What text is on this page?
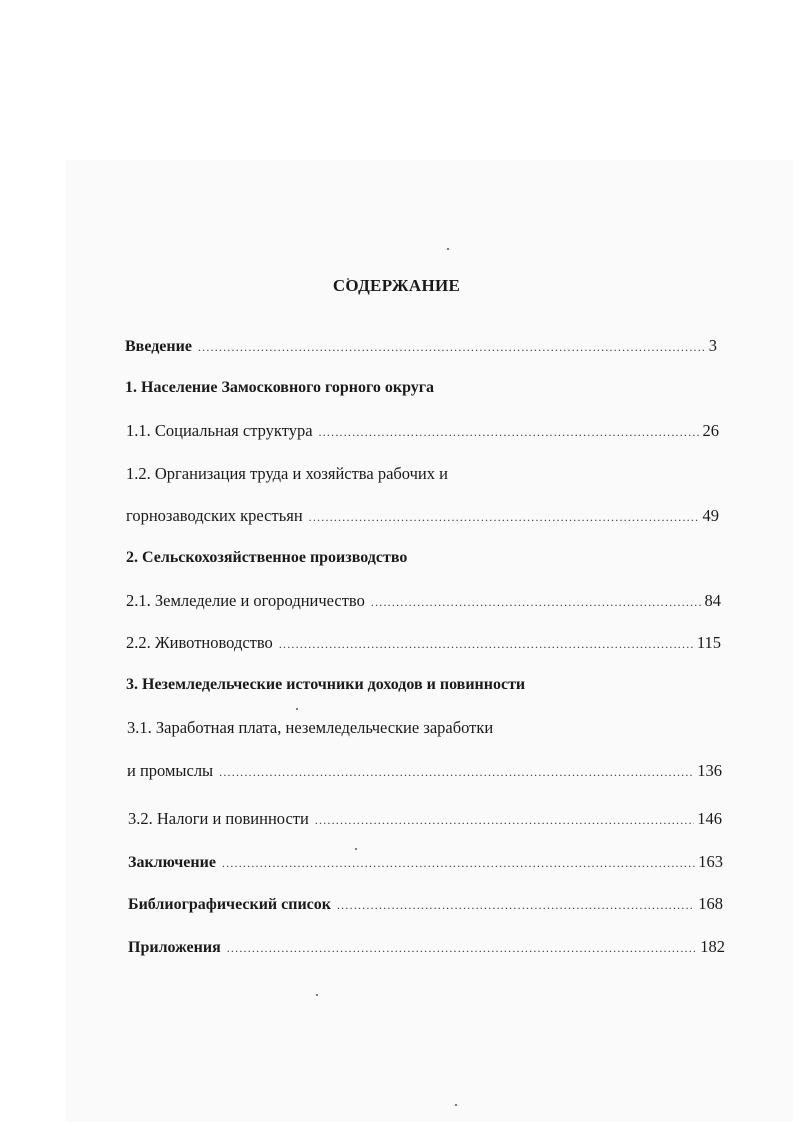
СОДЕРЖАНИЕ
Введение .....	3
1. Население Замосковного горного округа
1.1. Социальная структура .....	26
1.2. Организация труда и хозяйства рабочих и
горнозаводских крестьян .....	49
2. Сельскохозяйственное производство
2.1. Земледелие и огородничество .....	84
2.2. Животноводство .....	115
3. Неземледельческие источники доходов и повинности
3.1. Заработная плата, неземледельческие заработки
и промыслы .....	136
3.2. Налоги и повинности .....	146
Заключение .....	163
Библиографический список .....	168
Приложения .....	182
